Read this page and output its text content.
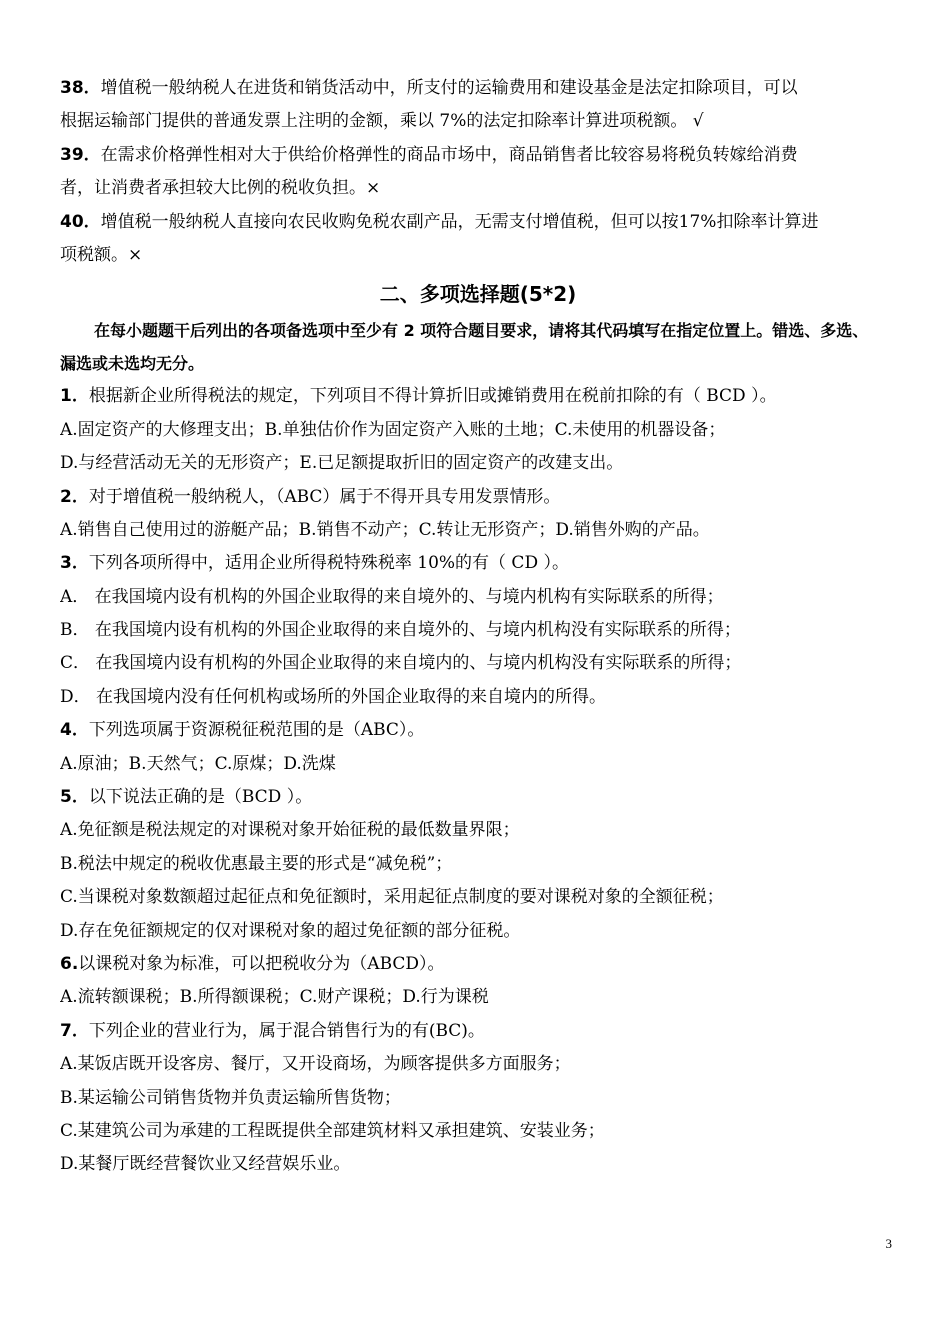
38．增值税一般纳税人在进货和销货活动中，所支付的运输费用和建设基金是法定扣除项目，可以
根据运输部门提供的普通发票上注明的金额，乘以 7%的法定扣除率计算进项税额。 √
39．在需求价格弹性相对大于供给价格弹性的商品市场中，商品销售者比较容易将税负转嫁给消费
者，让消费者承担较大比例的税收负担。×
40．增值税一般纳税人直接向农民收购免税农副产品，无需支付增值税，但可以按17%扣除率计算进
项税额。×
二、多项选择题(5*2)
在每小题题干后列出的各项备选项中至少有 2 项符合题目要求，请将其代码填写在指定位置上。错选、多选、
漏选或未选均无分。
1．根据新企业所得税法的规定，下列项目不得计算折旧或摊销费用在税前扣除的有（ BCD ）。
A.固定资产的大修理支出；B.单独估价作为固定资产入账的土地；C.未使用的机器设备；
D.与经营活动无关的无形资产；E.已足额提取折旧的固定资产的改建支出。
2．对于增值税一般纳税人，（ABC）属于不得开具专用发票情形。
A.销售自己使用过的游艇产品；B.销售不动产；C.转让无形资产；D.销售外购的产品。
3．下列各项所得中，适用企业所得税特殊税率 10%的有（ CD ）。
A． 在我国境内设有机构的外国企业取得的来自境外的、与境内机构有实际联系的所得；
B． 在我国境内设有机构的外国企业取得的来自境外的、与境内机构没有实际联系的所得；
C． 在我国境内设有机构的外国企业取得的来自境内的、与境内机构没有实际联系的所得；
D． 在我国境内没有任何机构或场所的外国企业取得的来自境内的所得。
4．下列选项属于资源税征税范围的是（ABC）。
A.原油；B.天然气；C.原煤；D.洗煤
5．以下说法正确的是（BCD ）。
A.免征额是税法规定的对课税对象开始征税的最低数量界限；
B.税法中规定的税收优惠最主要的形式是“减免税”；
C.当课税对象数额超过起征点和免征额时，采用起征点制度的要对课税对象的全额征税；
D.存在免征额规定的仅对课税对象的超过免征额的部分征税。
6.以课税对象为标准，可以把税收分为（ABCD）。
A.流转额课税；B.所得额课税；C.财产课税；D.行为课税
7．下列企业的营业行为，属于混合销售行为的有(BC)。
A.某饭店既开设客房、餐厅，又开设商场，为顾客提供多方面服务；
B.某运输公司销售货物并负责运输所售货物；
C.某建筑公司为承建的工程既提供全部建筑材料又承担建筑、安装业务；
D.某餐厅既经营餐饮业又经营娱乐业。
3
